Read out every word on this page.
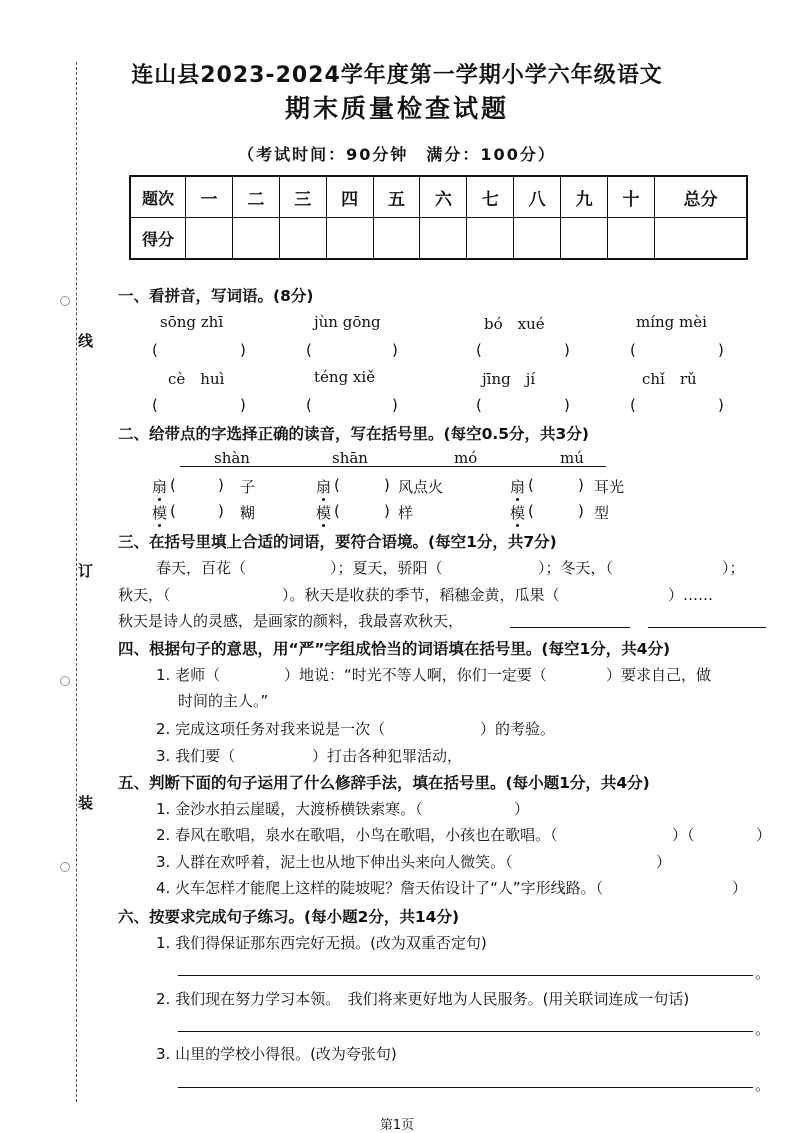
线
订
装
连山县2023-2024学年度第一学期小学六年级语文
期末质量检查试题
（考试时间：90分钟　满分：100分）
题次	一	二	三	四	五	六	七	八	九	十	总分
得分											
一、看拼音，写词语。(8分)
sōng zhī	jùn gōng	bó　xué	míng mèi
(	)	(	)	(	)	(	)
cè　huì	téng xiě	jīng　jí	chǐ　rǔ
(	)	(	)	(	)	(	)
二、给带点的字选择正确的读音，写在括号里。(每空0.5分，共3分)
shàn	shān	mó	mú
扇 (	) 子	扇 (	) 风点火	扇 (	) 耳光
模 (	) 糊	模 (	) 样	模 (	) 型
三、在括号里填上合适的词语，要符合语境。(每空1分，共7分)
春天，百花（	）；夏天，骄阳（	）；冬天，（	）；
秋天，（	）。秋天是收获的季节，稻穗金黄，瓜果（	）……
秋天是诗人的灵感，是画家的颜料，我最喜欢秋天，
四、根据句子的意思，用“严”字组成恰当的词语填在括号里。(每空1分，共4分)
1. 老师（	）地说：“时光不等人啊，你们一定要（	）要求自己，做
时间的主人。”
2. 完成这项任务对我来说是一次（	）的考验。
3. 我们要（	）打击各种犯罪活动，
五、判断下面的句子运用了什么修辞手法，填在括号里。(每小题1分，共4分)
1. 金沙水拍云崖暖，大渡桥横铁索寒。（	）
2. 春风在歌唱，泉水在歌唱，小鸟在歌唱，小孩也在歌唱。（	）（	）
3. 人群在欢呼着，泥土也从地下伸出头来向人微笑。（	）
4. 火车怎样才能爬上这样的陡坡呢？詹天佑设计了“人”字形线路。（	）
六、按要求完成句子练习。(每小题2分，共14分)
1. 我们得保证那东西完好无损。(改为双重否定句)
。
2. 我们现在努力学习本领。　我们将来更好地为人民服务。(用关联词连成一句话)
。
3. 山里的学校小得很。(改为夸张句)
。
第1页
